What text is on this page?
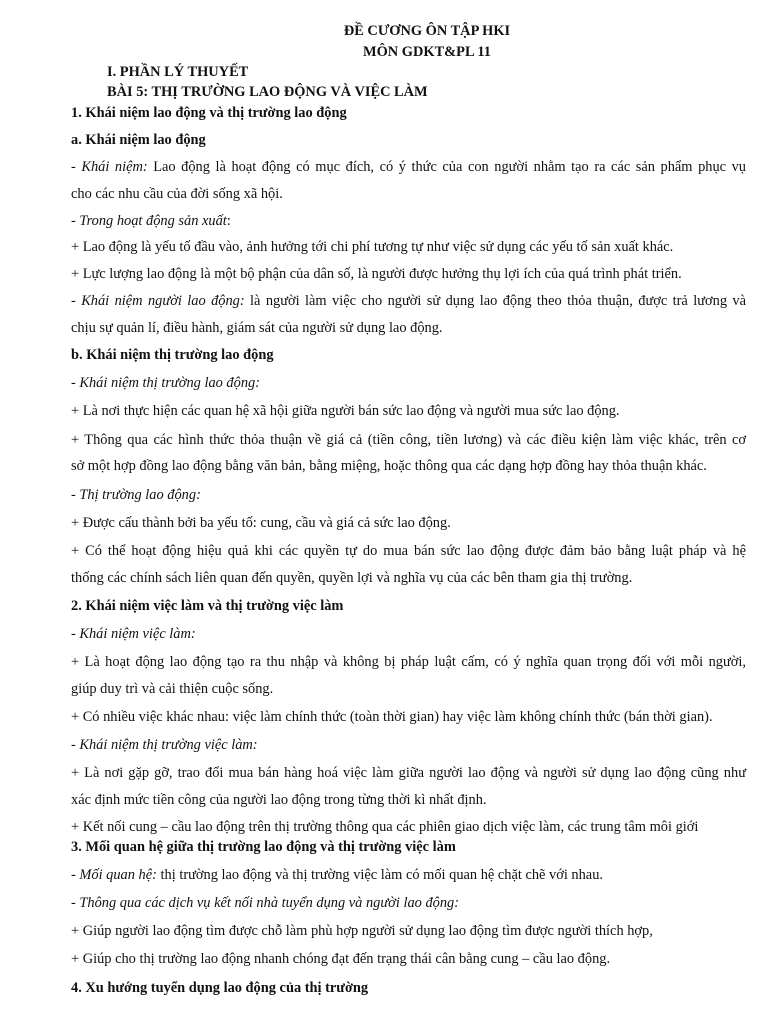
ĐỀ CƯƠNG ÔN TẬP HKI
MÔN GDKT&PL 11
I. PHẦN LÝ THUYẾT
BÀI 5: THỊ TRƯỜNG LAO ĐỘNG VÀ VIỆC LÀM
1. Khái niệm lao động và thị trường lao động
a. Khái niệm lao động
- Khái niệm: Lao động là hoạt động có mục đích, có ý thức của con người nhằm tạo ra các sản phẩm phục vụ
cho các nhu cầu của đời sống xã hội.
- Trong hoạt động sản xuất:
+ Lao động là yếu tố đầu vào, ảnh hưởng tới chi phí tương tự như việc sử dụng các yếu tố sản xuất khác.
+ Lực lượng lao động là một bộ phận của dân số, là người được hưởng thụ lợi ích của quá trình phát triển.
- Khái niệm người lao động: là người làm việc cho người sử dụng lao động theo thỏa thuận, được trả lương và
chịu sự quản lí, điều hành, giám sát của người sử dụng lao động.
b. Khái niệm thị trường lao động
- Khái niệm thị trường lao động:
+ Là nơi thực hiện các quan hệ xã hội giữa người bán sức lao động và người mua sức lao động.
+ Thông qua các hình thức thỏa thuận về giá cả (tiền công, tiền lương) và các điều kiện làm việc khác, trên cơ
sở một hợp đồng lao động bằng văn bản, bằng miệng, hoặc thông qua các dạng hợp đồng hay thỏa thuận khác.
- Thị trường lao động:
+ Được cấu thành bởi ba yếu tố: cung, cầu và giá cả sức lao động.
+ Có thể hoạt động hiệu quả khi các quyền tự do mua bán sức lao động được đảm bảo bằng luật pháp và hệ
thống các chính sách liên quan đến quyền, quyền lợi và nghĩa vụ của các bên tham gia thị trường.
2. Khái niệm việc làm và thị trường việc làm
- Khái niệm việc làm:
+ Là hoạt động lao động tạo ra thu nhập và không bị pháp luật cấm, có ý nghĩa quan trọng đối với mỗi người,
giúp duy trì và cải thiện cuộc sống.
+ Có nhiều việc khác nhau: việc làm chính thức (toàn thời gian) hay việc làm không chính thức (bán thời gian).
- Khái niệm thị trường việc làm:
+ Là nơi gặp gỡ, trao đổi mua bán hàng hoá việc làm giữa người lao động và người sử dụng lao động cũng như
xác định mức tiền công của người lao động trong từng thời kì nhất định.
+ Kết nối cung – cầu lao động trên thị trường thông qua các phiên giao dịch việc làm, các trung tâm môi giới
3. Mối quan hệ giữa thị trường lao động và thị trường việc làm
- Mối quan hệ: thị trường lao động và thị trường việc làm có mối quan hệ chặt chẽ với nhau.
- Thông qua các dịch vụ kết nối nhà tuyển dụng và người lao động:
+ Giúp người lao động tìm được chỗ làm phù hợp người sử dụng lao động tìm được người thích hợp,
+ Giúp cho thị trường lao động nhanh chóng đạt đến trạng thái cân bằng cung – cầu lao động.
4. Xu hướng tuyển dụng lao động của thị trường
